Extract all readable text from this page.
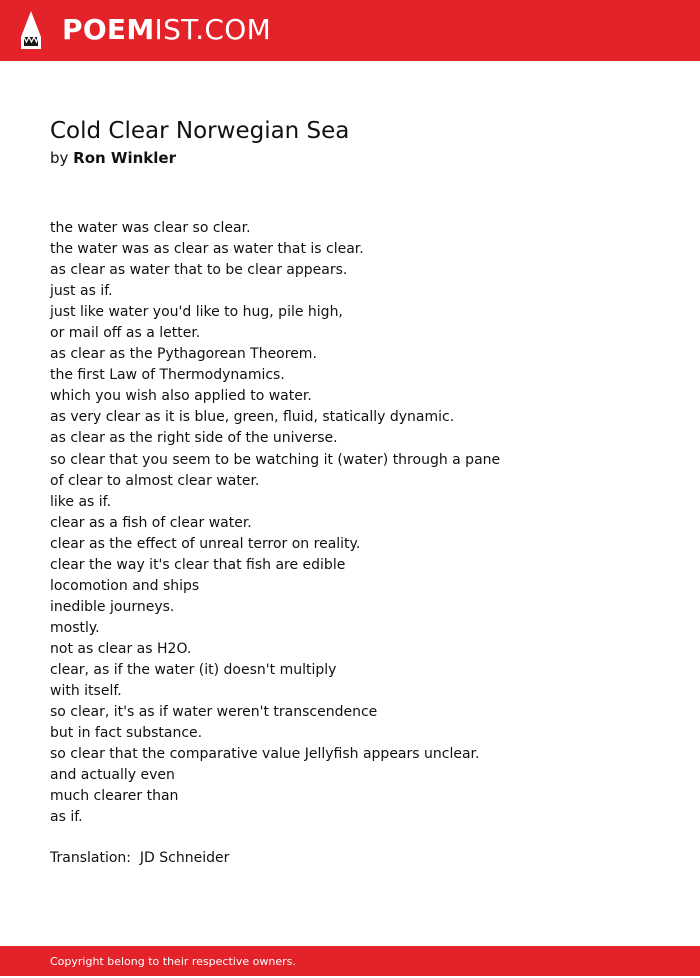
POEMIST.COM
Cold Clear Norwegian Sea
by Ron Winkler
the water was clear so clear.
the water was as clear as water that is clear.
as clear as water that to be clear appears.
just as if.
just like water you'd like to hug, pile high,
or mail off as a letter.
as clear as the Pythagorean Theorem.
the first Law of Thermodynamics.
which you wish also applied to water.
as very clear as it is blue, green, fluid, statically dynamic.
as clear as the right side of the universe.
so clear that you seem to be watching it (water) through a pane
of clear to almost clear water.
like as if.
clear as a fish of clear water.
clear as the effect of unreal terror on reality.
clear the way it's clear that fish are edible
locomotion and ships
inedible journeys.
mostly.
not as clear as H2O.
clear, as if the water (it) doesn't multiply
with itself.
so clear, it's as if water weren't transcendence
but in fact substance.
so clear that the comparative value Jellyfish appears unclear.
and actually even
much clearer than
as if.
Translation:  JD Schneider
Copyright belong to their respective owners.
